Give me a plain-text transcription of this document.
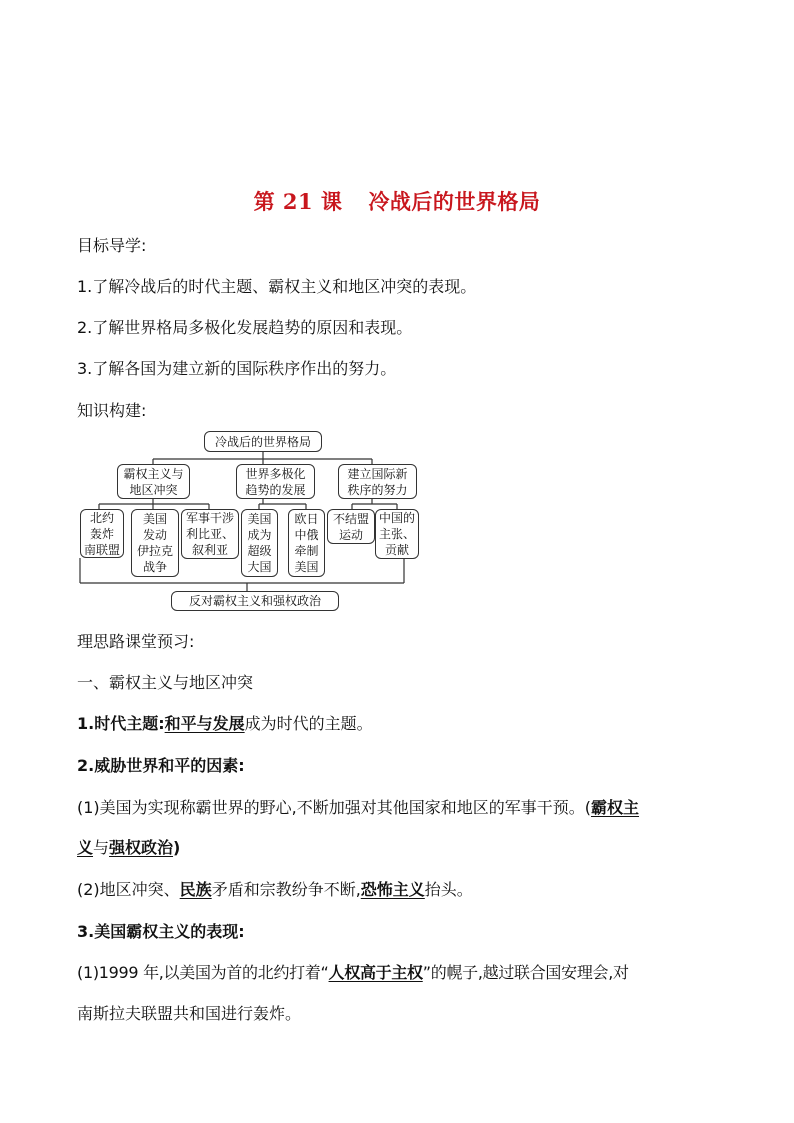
第 21 课 冷战后的世界格局
目标导学:
1.了解冷战后的时代主题、霸权主义和地区冲突的表现。
2.了解世界格局多极化发展趋势的原因和表现。
3.了解各国为建立新的国际秩序作出的努力。
知识构建:
冷战后的世界格局
霸权主义与
地区冲突
世界多极化
趋势的发展
建立国际新
秩序的努力
北约
轰炸
南联盟
美国
发动
伊拉克
战争
军事干涉
利比亚、
叙利亚
美国
成为
超级
大国
欧日
中俄
牵制
美国
不结盟
运动
中国的
主张、
贡献
反对霸权主义和强权政治
理思路课堂预习:
一、霸权主义与地区冲突
1.时代主题:和平与发展成为时代的主题。
2.威胁世界和平的因素:
(1)美国为实现称霸世界的野心,不断加强对其他国家和地区的军事干预。(霸权主
义与强权政治)
(2)地区冲突、民族矛盾和宗教纷争不断,恐怖主义抬头。
3.美国霸权主义的表现:
(1)1999 年,以美国为首的北约打着“人权高于主权”的幌子,越过联合国安理会,对
南斯拉夫联盟共和国进行轰炸。
